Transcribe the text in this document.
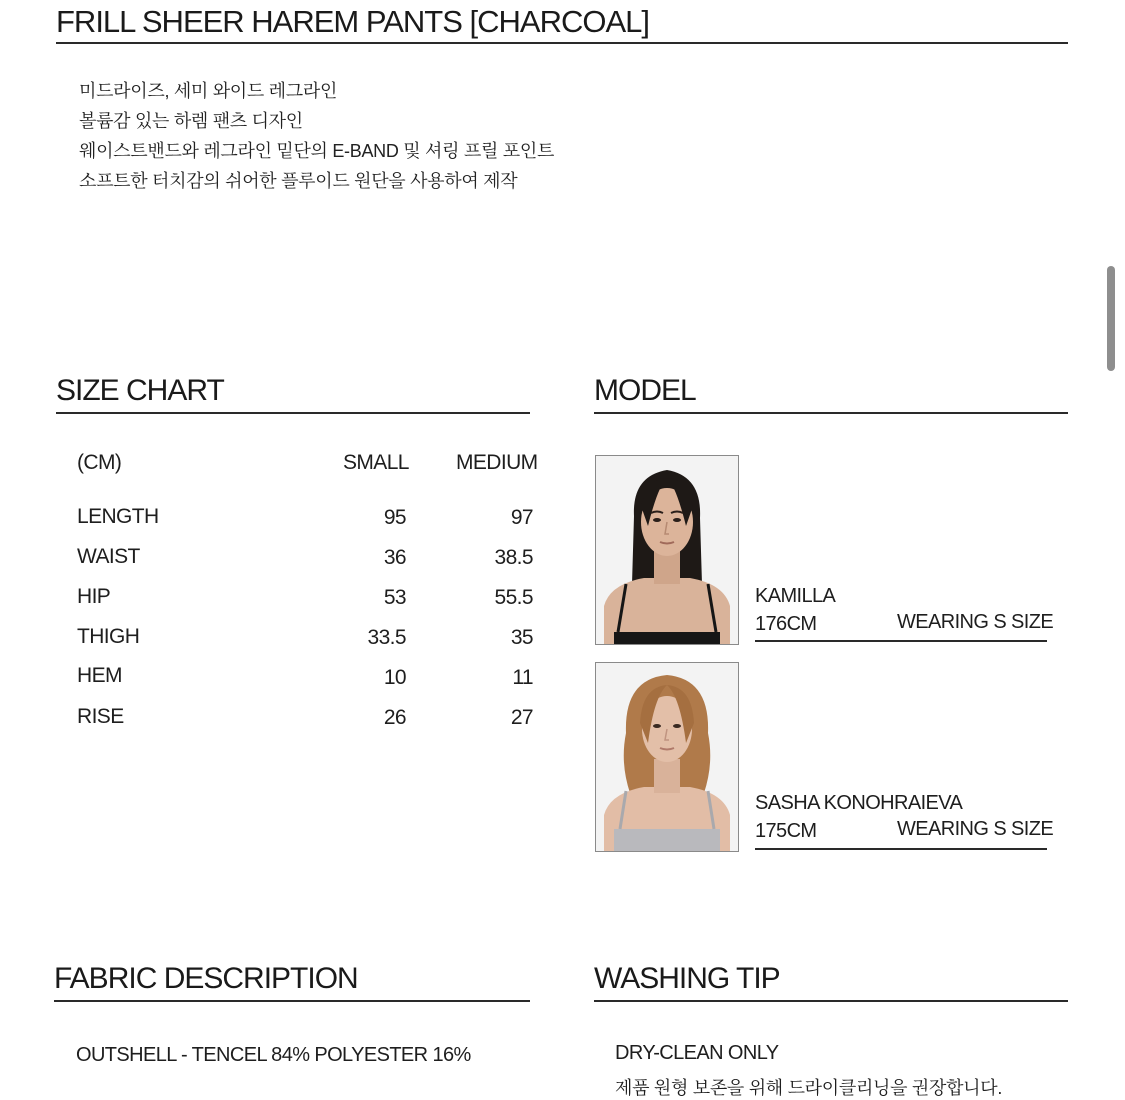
FRILL SHEER HAREM PANTS [CHARCOAL]
미드라이즈, 세미 와이드 레그라인
볼륨감 있는 하렘 팬츠 디자인
웨이스트밴드와 레그라인 밑단의 E-BAND 및 셔링 프릴 포인트
소프트한 터치감의 쉬어한 플루이드 원단을 사용하여 제작
SIZE CHART
(CM)	SMALL MEDIUM
LENGTH	95	97
WAIST	36	38.5
HIP	53	55.5
THIGH	33.5	35
HEM	10	11
RISE	26	27
MODEL
KAMILLA
176CM	WEARING S SIZE
SASHA KONOHRAIEVA
175CM	WEARING S SIZE
FABRIC DESCRIPTION
OUTSHELL - TENCEL 84% POLYESTER 16%
WASHING TIP
DRY-CLEAN ONLY
제품 원형 보존을 위해 드라이클리닝을 권장합니다.
